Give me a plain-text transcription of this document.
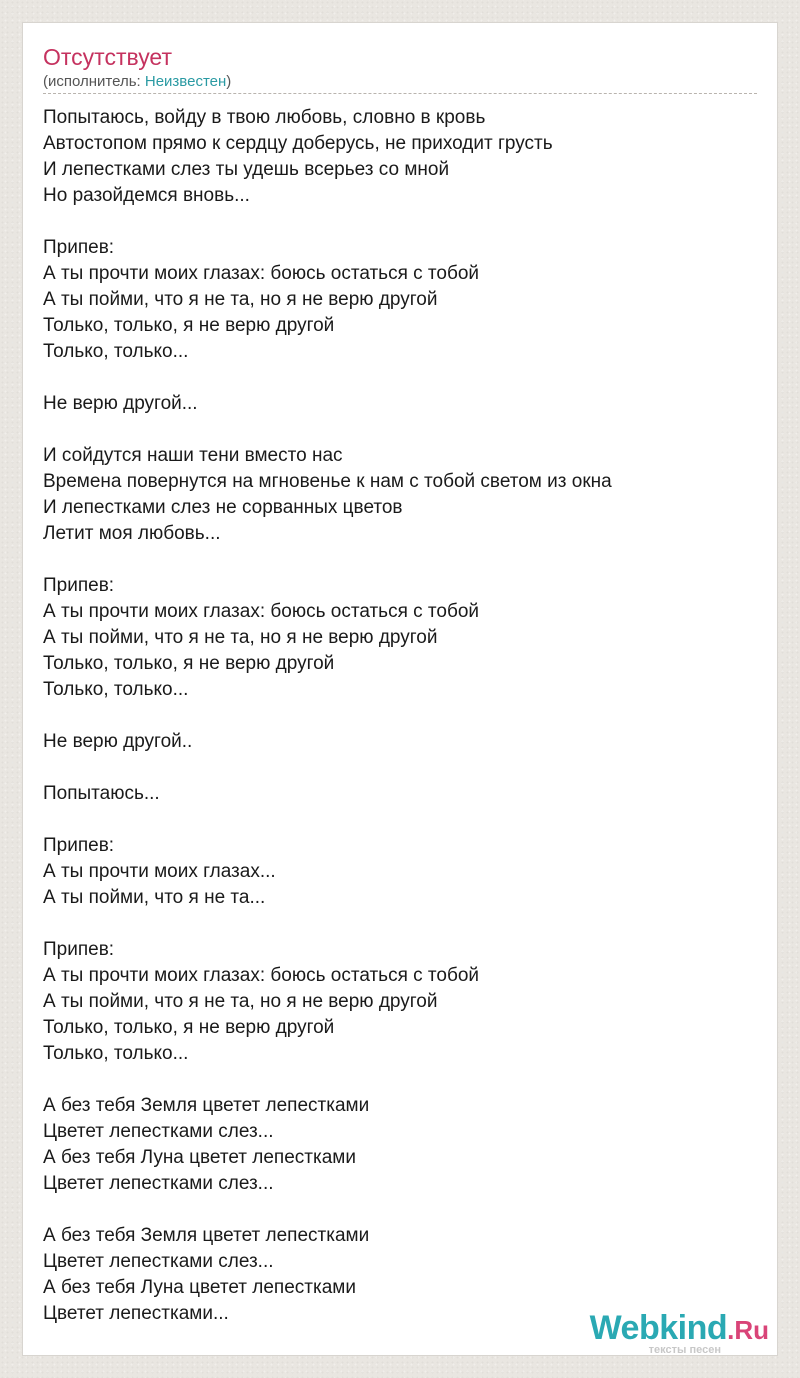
Отсутствует
(исполнитель: Неизвестен)
Попытаюсь, войду в твою любовь, словно в кровь
Автостопом прямо к сердцу доберусь, не приходит грусть
И лепестками слез ты удешь всерьез со мной
Но разойдемся вновь...
Припев:
А ты прочти моих глазах: боюсь остаться с тобой
А ты пойми, что я не та, но я не верю другой
Только, только, я не верю другой
Только, только...
Не верю другой...
И сойдутся наши тени вместо нас
Времена повернутся на мгновенье к нам с тобой светом из окна
И лепестками слез не сорванных цветов
Летит моя любовь...
Припев:
А ты прочти моих глазах: боюсь остаться с тобой
А ты пойми, что я не та, но я не верю другой
Только, только, я не верю другой
Только, только...
Не верю другой..
Попытаюсь...
Припев:
А ты прочти моих глазах...
А ты пойми, что я не та...
Припев:
А ты прочти моих глазах: боюсь остаться с тобой
А ты пойми, что я не та, но я не верю другой
Только, только, я не верю другой
Только, только...
А без тебя Земля цветет лепестками
Цветет лепестками слез...
А без тебя Луна цветет лепестками
Цветет лепестками слез...
А без тебя Земля цветет лепестками
Цветет лепестками слез...
А без тебя Луна цветет лепестками
Цветет лепестками...	Webkind.Ru
тексты песен
